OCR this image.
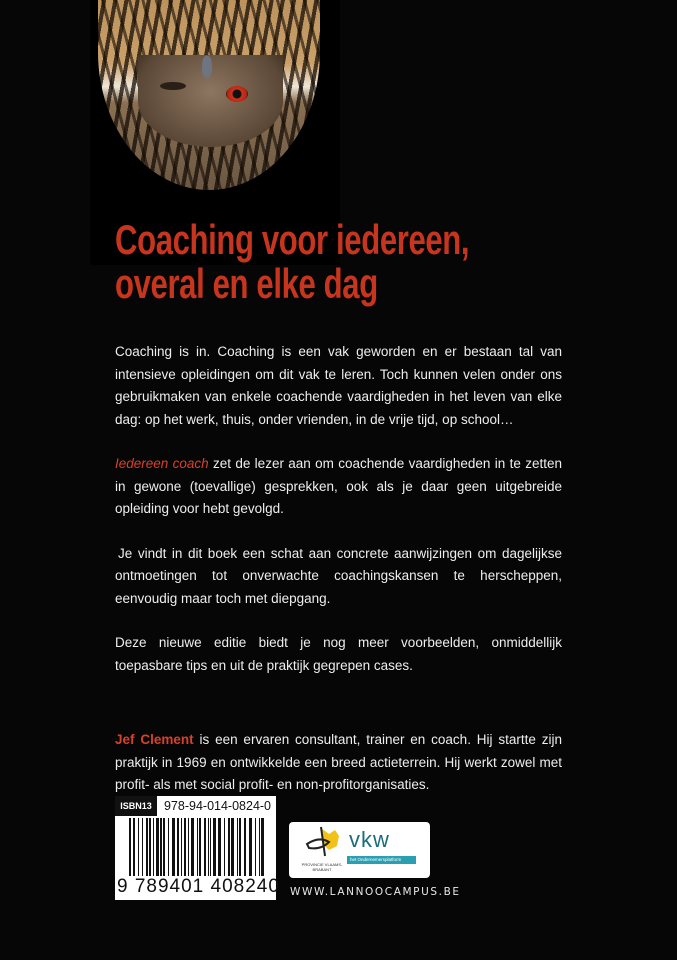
Coaching voor iedereen,
overal en elke dag

Coaching is in. Coaching is een vak geworden en er bestaan tal van intensieve opleidingen om dit vak te leren. Toch kunnen velen onder ons gebruikmaken van enkele coachende vaardigheden in het leven van elke dag: op het werk, thuis, onder vrienden, in de vrije tijd, op school…

Iedereen coach zet de lezer aan om coachende vaardigheden in te zetten in gewone (toevallige) gesprekken, ook als je daar geen uitgebreide opleiding voor hebt gevolgd.

Je vindt in dit boek een schat aan concrete aanwijzingen om dagelijkse ontmoetingen tot onverwachte coachingskansen te herscheppen, eenvoudig maar toch met diepgang.

Deze nieuwe editie biedt je nog meer voorbeelden, onmiddellijk toepasbare tips en uit de praktijk gegrepen cases.

Jef Clement is een ervaren consultant, trainer en coach. Hij startte zijn praktijk in 1969 en ontwikkelde een breed actieterrein. Hij werkt zowel met profit- als met social profit- en non-profitorganisaties.

ISBN13 978-94-014-0824-0
9 789401 408240
PROVINCIE VLAAMS-BRABANT
vkw
het Ondernemersplatform
WWW.LANNOOCAMPUS.BE
